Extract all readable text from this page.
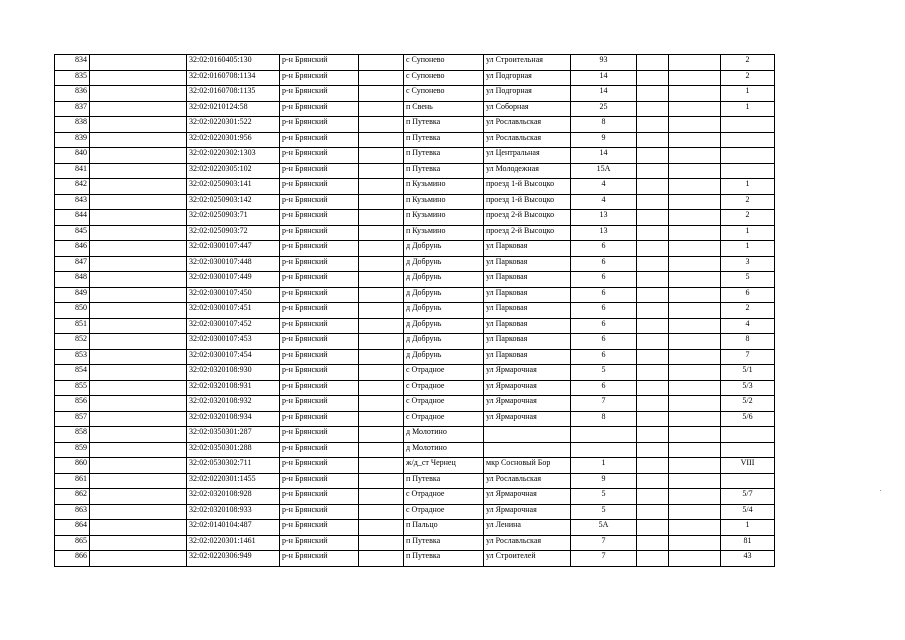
834		32:02:0160405:130	р-н Брянский		с Супонево	ул Строительная	93			2
835		32:02:0160708:1134	р-н Брянский		с Супонево	ул Подгорная	14			2
836		32:02:0160708:1135	р-н Брянский		с Супонево	ул Подгорная	14			1
837		32:02:0210124:58	р-н Брянский		п Свень	ул Соборная	25			1
838		32:02:0220301:522	р-н Брянский		п Путевка	ул Рославльская	8			
839		32:02:0220301:956	р-н Брянский		п Путевка	ул Рославльская	9			
840		32:02:0220302:1303	р-н Брянский		п Путевка	ул Центральная	14			
841		32:02:0220305:102	р-н Брянский		п Путевка	ул Молодежная	15А			
842		32:02:0250903:141	р-н Брянский		п Кузьмино	проезд 1-й Высоцко	4			1
843		32:02:0250903:142	р-н Брянский		п Кузьмино	проезд 1-й Высоцко	4			2
844		32:02:0250903:71	р-н Брянский		п Кузьмино	проезд 2-й Высоцко	13			2
845		32:02:0250903:72	р-н Брянский		п Кузьмино	проезд 2-й Высоцко	13			1
846		32:02:0300107:447	р-н Брянский		д Добрунь	ул Парковая	6			1
847		32:02:0300107:448	р-н Брянский		д Добрунь	ул Парковая	6			3
848		32:02:0300107:449	р-н Брянский		д Добрунь	ул Парковая	6			5
849		32:02:0300107:450	р-н Брянский		д Добрунь	ул Парковая	6			6
850		32:02:0300107:451	р-н Брянский		д Добрунь	ул Парковая	6			2
851		32:02:0300107:452	р-н Брянский		д Добрунь	ул Парковая	6			4
852		32:02:0300107:453	р-н Брянский		д Добрунь	ул Парковая	6			8
853		32:02:0300107:454	р-н Брянский		д Добрунь	ул Парковая	6			7
854		32:02:0320108:930	р-н Брянский		с Отрадное	ул Ярмарочная	5			5/1
855		32:02:0320108:931	р-н Брянский		с Отрадное	ул Ярмарочная	6			5/3
856		32:02:0320108:932	р-н Брянский		с Отрадное	ул Ярмарочная	7			5/2
857		32:02:0320108:934	р-н Брянский		с Отрадное	ул Ярмарочная	8			5/6
858		32:02:0350301:287	р-н Брянский		д Молотино					
859		32:02:0350301:288	р-н Брянский		д Молотино					
860		32:02:0530302:711	р-н Брянский		ж/д_ст Чернец	мкр Сосновый Бор	1			VIII
861		32:02:0220301:1455	р-н Брянский		п Путевка	ул Рославльская	9			
862		32:02:0320108:928	р-н Брянский		с Отрадное	ул Ярмарочная	5			5/7
863		32:02:0320108:933	р-н Брянский		с Отрадное	ул Ярмарочная	5			5/4
864		32:02:0140104:487	р-н Брянский		п Пальцо	ул Ленина	5А			1
865		32:02:0220301:1461	р-н Брянский		п Путевка	ул Рославльская	7			81
866		32:02:0220306:949	р-н Брянский		п Путевка	ул Строителей	7			43
